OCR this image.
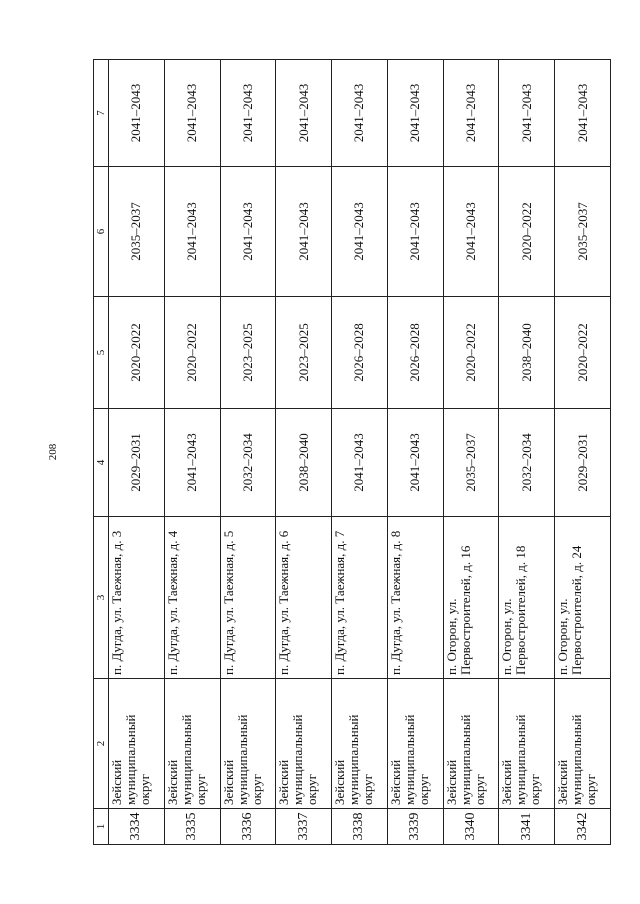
208
1	2	3	4	5	6	7
3334	Зейский муниципальный округ	п. Дугда, ул. Таежная, д. 3	2029–2031	2020–2022	2035–2037	2041–2043
3335	Зейский муниципальный округ	п. Дугда, ул. Таежная, д. 4	2041–2043	2020–2022	2041–2043	2041–2043
3336	Зейский муниципальный округ	п. Дугда, ул. Таежная, д. 5	2032–2034	2023–2025	2041–2043	2041–2043
3337	Зейский муниципальный округ	п. Дугда, ул. Таежная, д. 6	2038–2040	2023–2025	2041–2043	2041–2043
3338	Зейский муниципальный округ	п. Дугда, ул. Таежная, д. 7	2041–2043	2026–2028	2041–2043	2041–2043
3339	Зейский муниципальный округ	п. Дугда, ул. Таежная, д. 8	2041–2043	2026–2028	2041–2043	2041–2043
3340	Зейский муниципальный округ	п. Огорон, ул. Первостроителей, д. 16	2035–2037	2020–2022	2041–2043	2041–2043
3341	Зейский муниципальный округ	п. Огорон, ул. Первостроителей, д. 18	2032–2034	2038–2040	2020–2022	2041–2043
3342	Зейский муниципальный округ	п. Огорон, ул. Первостроителей, д. 24	2029–2031	2020–2022	2035–2037	2041–2043
